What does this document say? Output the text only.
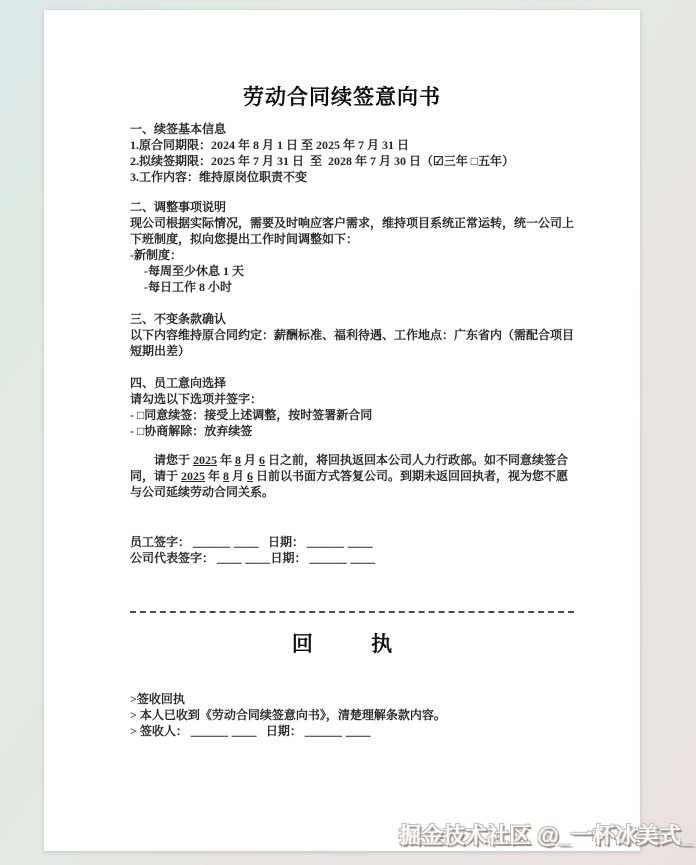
劳动合同续签意向书
一、续签基本信息
1.原合同期限：2024 年 8 月 1 日 至 2025 年 7 月 31 日
2.拟续签期限：2025 年 7 月 31 日  至  2028 年 7 月 30 日（☑三年 □五年）
3.工作内容：维持原岗位职责不变
二、调整事项说明
现公司根据实际情况，需要及时响应客户需求，维持项目系统正常运转，统一公司上下班制度，拟向您提出工作时间调整如下：
-新制度：
-每周至少休息 1 天
-每日工作 8 小时
三、不变条款确认
以下内容维持原合同约定：薪酬标准、福利待遇、工作地点：广东省内（需配合项目短期出差）
四、员工意向选择
请勾选以下选项并签字：
- □同意续签：接受上述调整，按时签署新合同
- □协商解除：放弃续签
请您于 2025 年 8 月 6 日之前，将回执返回本公司人力行政部。如不同意续签合同，请于 2025 年 8 月 6 日前以书面方式答复公司。到期未返回回执者，视为您不愿与公司延续劳动合同关系。
员工签字： ＿＿＿ ＿＿ 日期： ＿＿＿ ＿＿
公司代表签字： ＿＿ ＿＿日期： ＿＿＿ ＿＿
回          执
>签收回执
> 本人已收到《劳动合同续签意向书》，清楚理解条款内容。
> 签收人： ＿＿＿ ＿＿ 日期： ＿＿＿ ＿＿
掘金技术社区 @_一杯冰美式_
